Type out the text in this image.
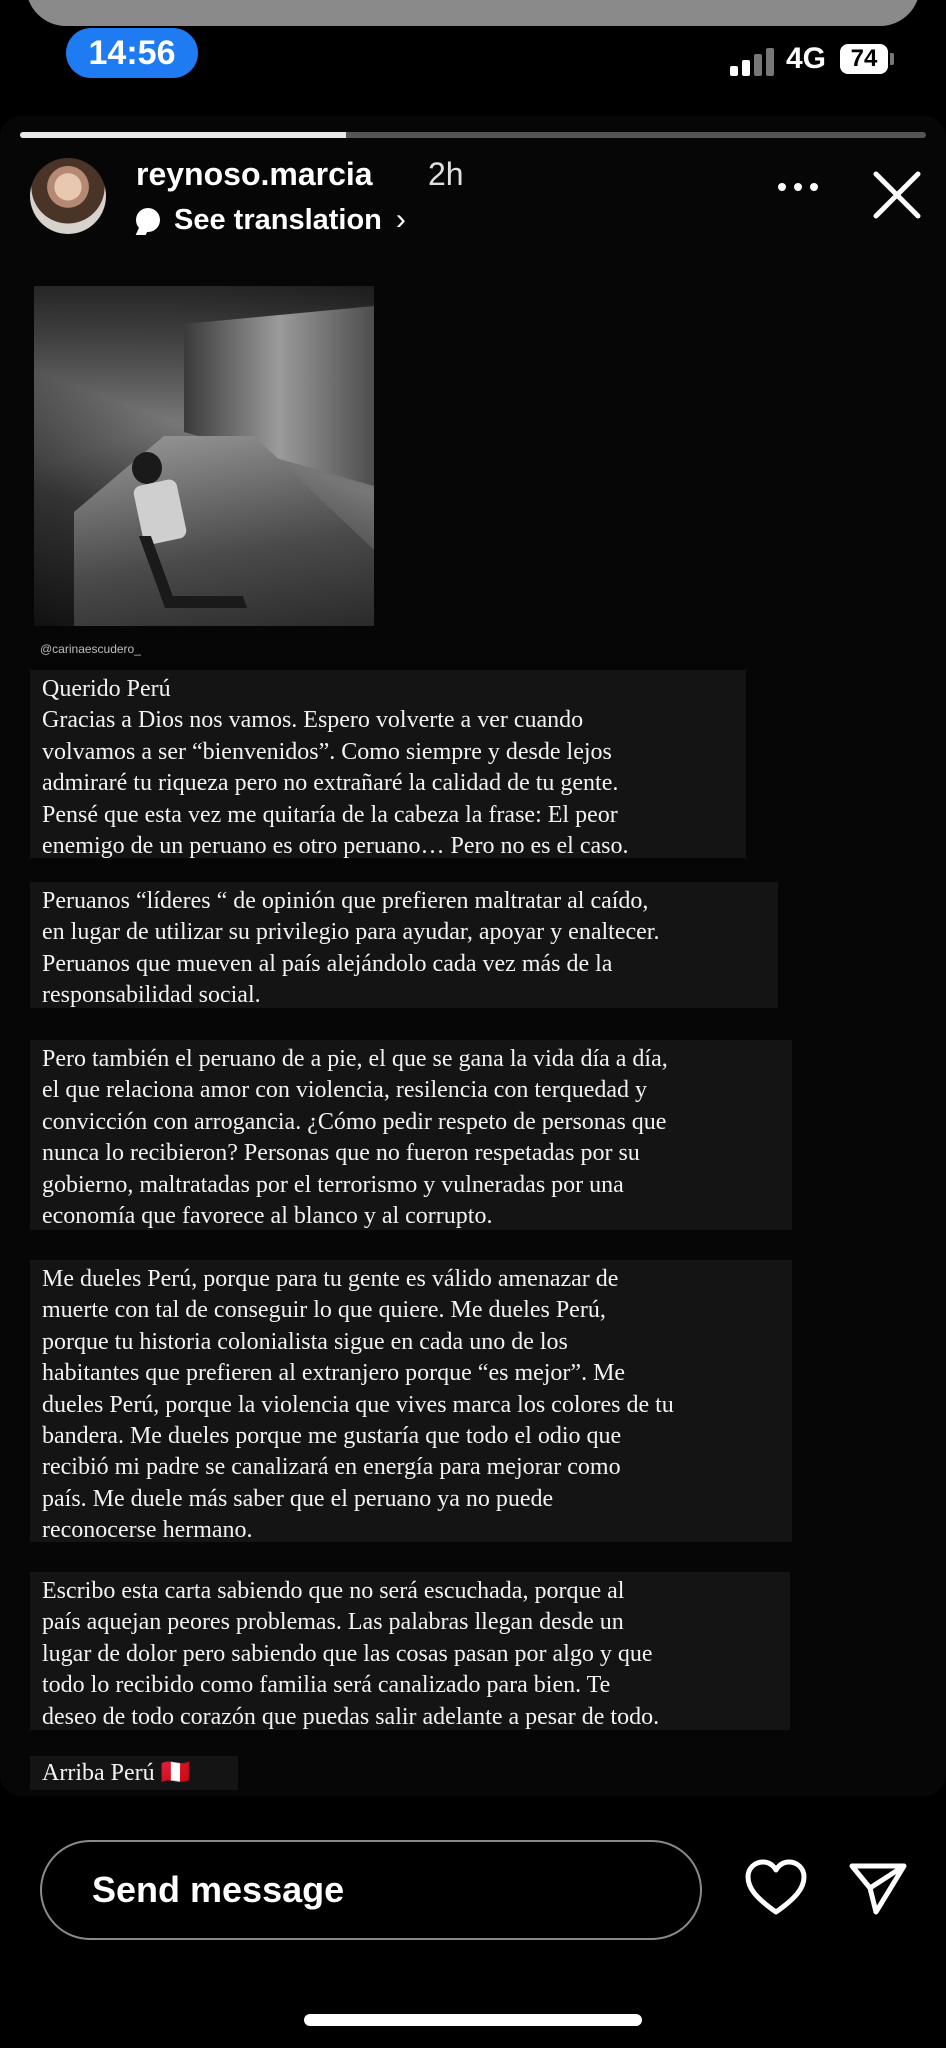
14:56	4G	74
reynoso.marcia 2h
See translation ›
@carinaescudero_

Querido Perú
Gracias a Dios nos vamos. Espero volverte a ver cuando
volvamos a ser “bienvenidos”. Como siempre y desde lejos
admiraré tu riqueza pero no extrañaré la calidad de tu gente.
Pensé que esta vez me quitaría de la cabeza la frase: El peor
enemigo de un peruano es otro peruano… Pero no es el caso.

Peruanos “líderes “ de opinión que prefieren maltratar al caído,
en lugar de utilizar su privilegio para ayudar, apoyar y enaltecer.
Peruanos que mueven al país alejándolo cada vez más de la
responsabilidad social.

Pero también el peruano de a pie, el que se gana la vida día a día,
el que relaciona amor con violencia, resilencia con terquedad y
convicción con arrogancia. ¿Cómo pedir respeto de personas que
nunca lo recibieron? Personas que no fueron respetadas por su
gobierno, maltratadas por el terrorismo y vulneradas por una
economía que favorece al blanco y al corrupto.

Me dueles Perú, porque para tu gente es válido amenazar de
muerte con tal de conseguir lo que quiere. Me dueles Perú,
porque tu historia colonialista sigue en cada uno de los
habitantes que prefieren al extranjero porque “es mejor”. Me
dueles Perú, porque la violencia que vives marca los colores de tu
bandera. Me dueles porque me gustaría que todo el odio que
recibió mi padre se canalizará en energía para mejorar como
país. Me duele más saber que el peruano ya no puede
reconocerse hermano.

Escribo esta carta sabiendo que no será escuchada, porque al
país aquejan peores problemas. Las palabras llegan desde un
lugar de dolor pero sabiendo que las cosas pasan por algo y que
todo lo recibido como familia será canalizado para bien. Te
deseo de todo corazón que puedas salir adelante a pesar de todo.

Arriba Perú 🇵🇪

Send message
